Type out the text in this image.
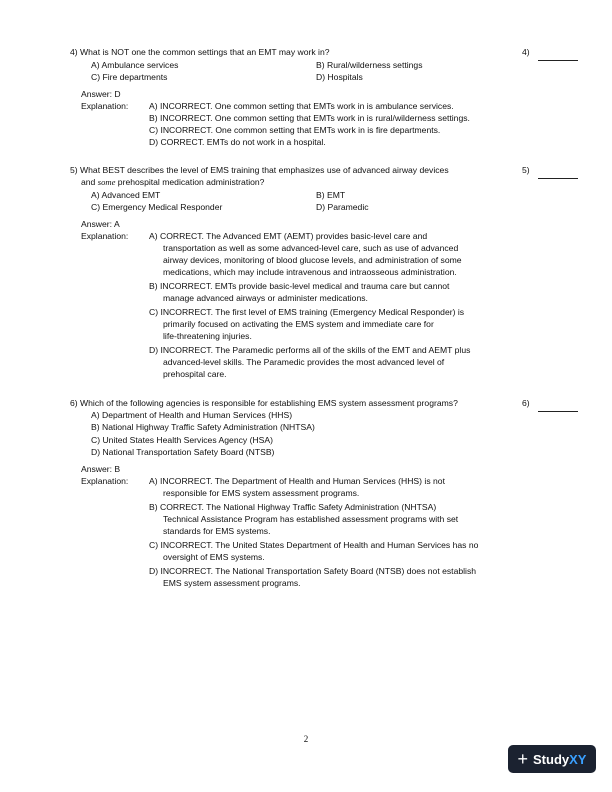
4) What is NOT one the common settings that an EMT may work in?	4)
A) Ambulance services	B) Rural/wilderness settings
C) Fire departments	D) Hospitals
Answer: D
Explanation: A) INCORRECT. One common setting that EMTs work in is ambulance services.
B) INCORRECT. One common setting that EMTs work in is rural/wilderness settings.
C) INCORRECT. One common setting that EMTs work in is fire departments.
D) CORRECT. EMTs do not work in a hospital.
5) What BEST describes the level of EMS training that emphasizes use of advanced airway devices	5)
and some prehospital medication administration?
A) Advanced EMT	B) EMT
C) Emergency Medical Responder	D) Paramedic
Answer: A
Explanation: A) CORRECT. The Advanced EMT (AEMT) provides basic-level care and
transportation as well as some advanced-level care, such as use of advanced
airway devices, monitoring of blood glucose levels, and administration of some
medications, which may include intravenous and intraosseous administration.
B) INCORRECT. EMTs provide basic-level medical and trauma care but cannot
manage advanced airways or administer medications.
C) INCORRECT. The first level of EMS training (Emergency Medical Responder) is
primarily focused on activating the EMS system and immediate care for
life-threatening injuries.
D) INCORRECT. The Paramedic performs all of the skills of the EMT and AEMT plus
advanced-level skills. The Paramedic provides the most advanced level of
prehospital care.
6) Which of the following agencies is responsible for establishing EMS system assessment programs?	6)
A) Department of Health and Human Services (HHS)
B) National Highway Traffic Safety Administration (NHTSA)
C) United States Health Services Agency (HSA)
D) National Transportation Safety Board (NTSB)
Answer: B
Explanation: A) INCORRECT. The Department of Health and Human Services (HHS) is not
responsible for EMS system assessment programs.
B) CORRECT. The National Highway Traffic Safety Administration (NHTSA)
Technical Assistance Program has established assessment programs with set
standards for EMS systems.
C) INCORRECT. The United States Department of Health and Human Services has no
oversight of EMS systems.
D) INCORRECT. The National Transportation Safety Board (NTSB) does not establish
EMS system assessment programs.
2
+ Study XY
